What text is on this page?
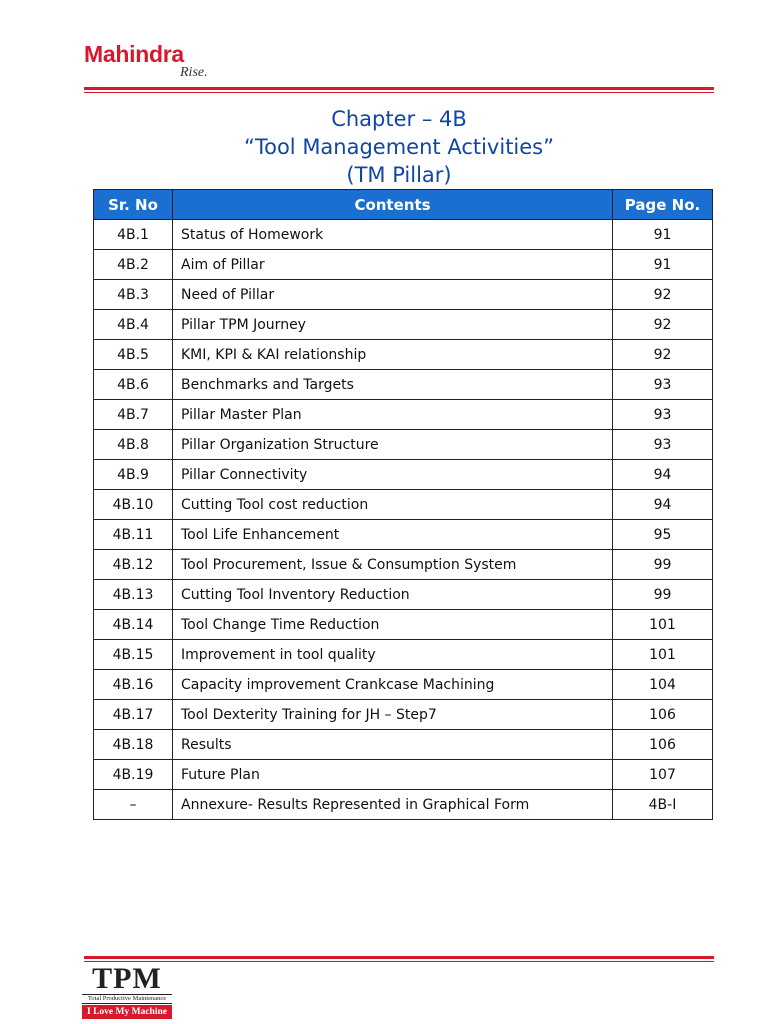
Mahindra
Rise.
Chapter – 4B
“Tool Management Activities”
(TM Pillar)
Sr. No	Contents	Page No.
4B.1	Status of Homework	91
4B.2	Aim of Pillar	91
4B.3	Need of Pillar	92
4B.4	Pillar TPM Journey	92
4B.5	KMI, KPI & KAI relationship	92
4B.6	Benchmarks and Targets	93
4B.7	Pillar Master Plan	93
4B.8	Pillar Organization Structure	93
4B.9	Pillar Connectivity	94
4B.10	Cutting Tool cost reduction	94
4B.11	Tool Life Enhancement	95
4B.12	Tool Procurement, Issue & Consumption System	99
4B.13	Cutting Tool Inventory Reduction	99
4B.14	Tool Change Time Reduction	101
4B.15	Improvement in tool quality	101
4B.16	Capacity improvement Crankcase Machining	104
4B.17	Tool Dexterity Training for JH – Step7	106
4B.18	Results	106
4B.19	Future Plan	107
–	Annexure- Results Represented in Graphical Form	4B-I
TPM
Total Productive Maintenance
I Love My Machine
